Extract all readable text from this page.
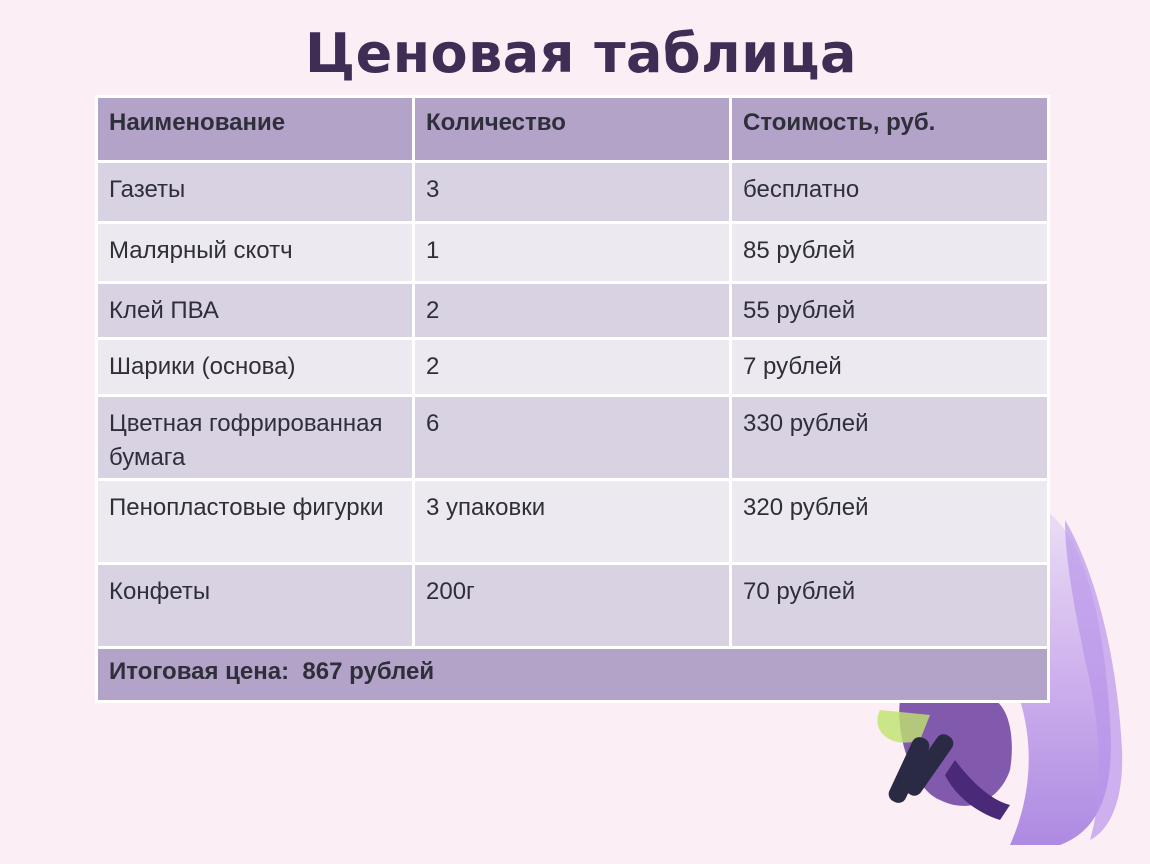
Ценовая таблица
Наименование	Количество	Стоимость, руб.
Газеты	3	бесплатно
Малярный скотч	1	85 рублей
Клей ПВА	2	55 рублей
Шарики (основа)	2	7 рублей
Цветная гофрированная бумага	6	330 рублей
Пенопластовые фигурки	3 упаковки	320 рублей
Конфеты	200г	70 рублей
Итоговая цена:  867 рублей		
